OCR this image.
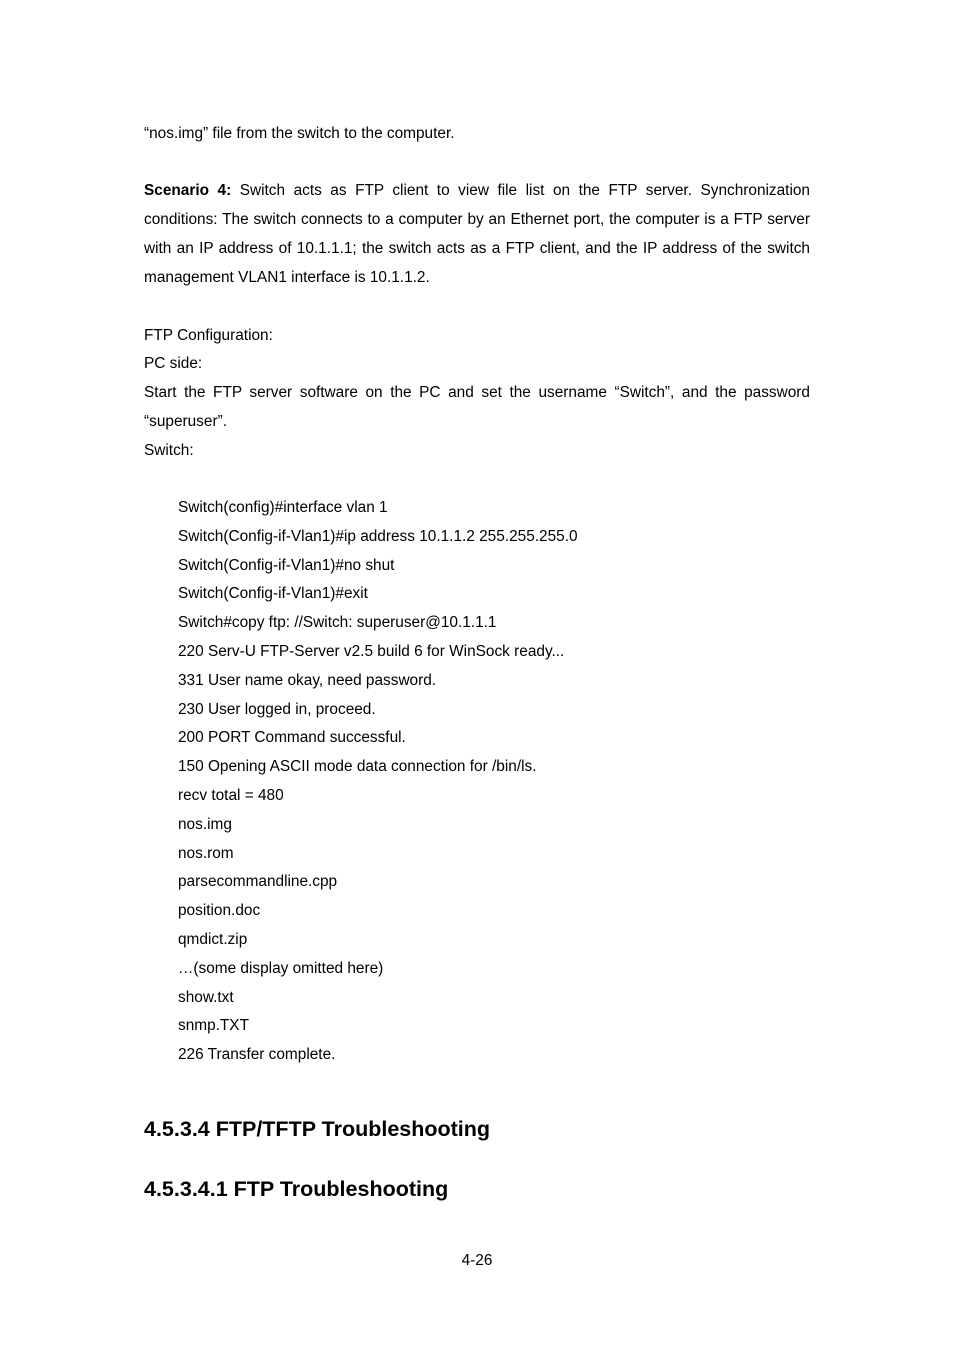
“nos.img” file from the switch to the computer.

Scenario 4: Switch acts as FTP client to view file list on the FTP server. Synchronization conditions: The switch connects to a computer by an Ethernet port, the computer is a FTP server with an IP address of 10.1.1.1; the switch acts as a FTP client, and the IP address of the switch management VLAN1 interface is 10.1.1.2.

FTP Configuration:

PC side:

Start the FTP server software on the PC and set the username “Switch”, and the password “superuser”.

Switch:

Switch(config)#interface vlan 1
Switch(Config-if-Vlan1)#ip address 10.1.1.2 255.255.255.0
Switch(Config-if-Vlan1)#no shut
Switch(Config-if-Vlan1)#exit
Switch#copy ftp: //Switch: superuser@10.1.1.1
220 Serv-U FTP-Server v2.5 build 6 for WinSock ready...
331 User name okay, need password.
230 User logged in, proceed.
200 PORT Command successful.
150 Opening ASCII mode data connection for /bin/ls.
recv total = 480
nos.img
nos.rom
parsecommandline.cpp
position.doc
qmdict.zip
…(some display omitted here)
show.txt
snmp.TXT
226 Transfer complete.
4.5.3.4 FTP/TFTP Troubleshooting
4.5.3.4.1 FTP Troubleshooting
4-26
